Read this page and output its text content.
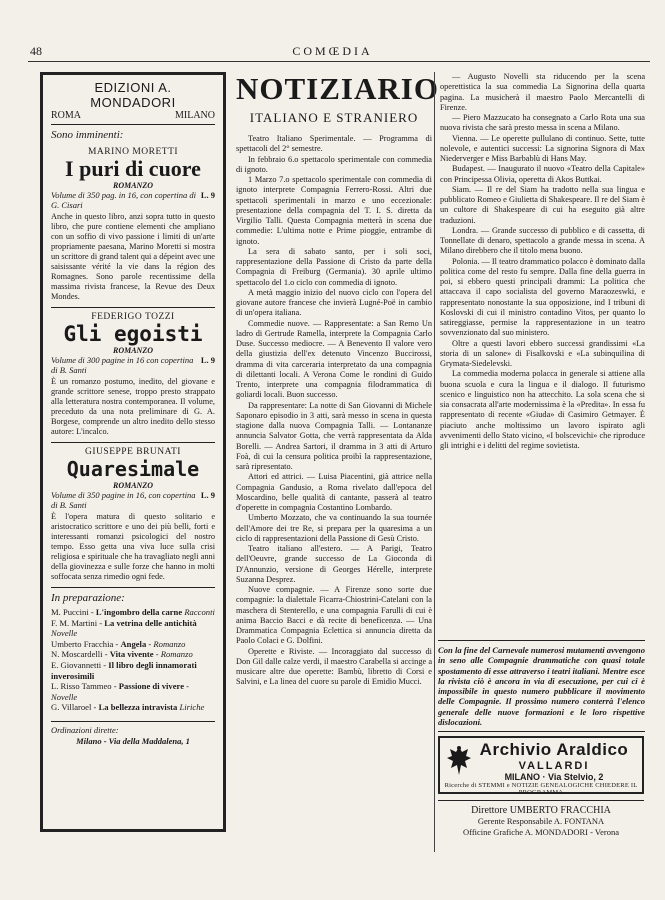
48	COMŒDIA
EDIZIONI A. MONDADORI
ROMA	MILANO
Sono imminenti:
MARINO MORETTI
I puri di cuore
ROMANZO
L. 9
Volume di 350 pag. in 16, con copertina di G. Cisari
Anche in questo libro, anzi sopra tutto in questo libro, che pure contiene elementi che ampliano con un soffio di vivo passione i limiti di un'arte propriamente paesana, Marino Moretti si mostra un scrittore di grand talent qui a dépeint avec une saisissante vérité la vie dans la région des Romagnes. Sono parole recentissime della massima rivista francese, la Revue des Deux Mondes.
FEDERIGO TOZZI
Gli egoisti
ROMANZO
L. 9
Volume di 300 pagine in 16 con copertina di B. Santi
È un romanzo postumo, inedito, del giovane e grande scrittore senese, troppo presto strappato alla letteratura nostra contemporanea. Il volume, preceduto da una nota preliminare di G. A. Borgese, comprende un altro inedito dello stesso autore: L'incalco.
GIUSEPPE BRUNATI
Quaresimale
ROMANZO
L. 9
Volume di 350 pagine in 16, con copertina di B. Santi
È l'opera matura di questo solitario e aristocratico scrittore e uno dei più belli, forti e interessanti romanzi psicologici del nostro tempo. Esso getta una viva luce sulla crisi religiosa e spirituale che ha travagliato negli anni della giovinezza e sulle forze che hanno in molti soffocata senza rimedio ogni fede.
In preparazione:
M. Puccini - L'ingombro della carne Racconti
F. M. Martini - La vetrina delle antichità Novelle
Umberto Fracchia - Angela - Romanzo
N. Moscardelli - Vita vivente - Romanzo
E. Giovannetti - Il libro degli innamorati inverosimili
L. Risso Tammeo - Passione di vivere - Novelle
G. Villaroel - La bellezza intravista Liriche
Ordinazioni dirette:
Milano - Via della Maddalena, 1
NOTIZIARIO
ITALIANO E STRANIERO

Teatro Italiano Sperimentale. — Programma di spettacoli del 2° semestre.

In febbraio 6.o spettacolo sperimentale con commedia di ignoto.

1 Marzo 7.o spettacolo sperimentale con commedia di ignoto interprete Compagnia Ferrero-Rossi. Altri due spettacoli sperimentali in marzo e uno eccezionale: presentazione della compagnia del T. I. S. diretta da Virgilio Talli. Questa Compagnia metterà in scena due commedie: L'ultima notte e Prime pioggie, entrambe di ignoto.

La sera di sabato santo, per i soli soci, rappresentazione della Passione di Cristo da parte della Compagnia di Freiburg (Germania). 30 aprile ultimo spettacolo del 1.o ciclo con commedia di ignoto.

A metà maggio inizio del nuovo ciclo con l'opera del giovane autore francese che invierà Lugné-Poë in cambio di un'opera italiana.

Commedie nuove. — Rappresentate: a San Remo Un ladro di Gertrude Ramella, interprete la Compagnia Carlo Duse. Successo mediocre. — A Benevento Il valore vero della giustizia dell'ex detenuto Vincenzo Buccirossi, dramma di vita carceraria interpretato da una compagnia di dilettanti locali. A Verona Come le rondini di Guido Trento, interprete una compagnia filodrammatica di goliardi locali. Buon successo.

Da rappresentare: La notte di San Giovanni di Michele Saponaro episodio in 3 atti, sarà messo in scena in questa stagione dalla nuova Compagnia Talli. — Lontananze annuncia Salvator Gotta, che verrà rappresentata da Alda Borelli. — Andrea Sartori, il dramma in 3 atti di Arturo Foà, di cui la censura politica proibì la rappresentazione, sarà ripresentato.

Attori ed attrici. — Luisa Piacentini, già attrice nella Compagnia Gandusio, a Roma rivelato dall'epoca del Moscardino, belle qualità di cantante, passerà al teatro d'operette in compagnia Costantino Lombardo.

Umberto Mozzato, che va continuando la sua tournée dell'Amore dei tre Re, si prepara per la quaresima a un ciclo di rappresentazioni della Passione di Gesù Cristo.

Teatro italiano all'estero. — A Parigi, Teatro dell'Oeuvre, grande successo de La Gioconda di D'Annunzio, versione di Georges Hérelle, interprete Suzanna Desprez.

Nuove compagnie. — A Firenze sono sorte due compagnie: la dialettale Ficarra-Chiostrini-Catelani con la maschera di Stenterello, e una compagnia Farulli di cui è anima Baccio Bacci e dà recite di beneficenza. — Una Drammatica Compagnia Eclettica si annuncia diretta da Paolo Colaci e G. Dolfini.

Operette e Riviste. — Incoraggiato dal successo di Don Gil dalle calze verdi, il maestro Carabella si accinge a musicare altre due operette: Bambù, libretto di Corsi e Salvini, e La linea del cuore su parole di Emidio Mucci.

— Augusto Novelli sta riducendo per la scena operettistica la sua commedia La Signorina della quarta pagina. La musicherà il maestro Paolo Mercantelli di Firenze.

— Piero Mazzucato ha consegnato a Carlo Rota una sua nuova rivista che sarà presto messa in scena a Milano.

Vienna. — Le operette pullulano di continuo. Sette, tutte nolevole, e autentici successi: La signorina Signora di Max Niederverger e Miss Barbablù di Hans May.

Budapest. — Inaugurato il nuovo «Teatro della Capitale» con Principessa Olivia, operetta di Akos Buttkai.

Siam. — Il re del Siam ha tradotto nella sua lingua e pubblicato Romeo e Giulietta di Shakespeare. Il re del Siam è un cultore di Shakespeare di cui ha eseguito già altre traduzioni.

Londra. — Grande successo di pubblico e di cassetta, di Tonnellate di denaro, spettacolo a grande messa in scena. A Milano direbbero che il titolo mena buono.

Polonia. — Il teatro drammatico polacco è dominato dalla politica come del resto fu sempre. Dalla fine della guerra in poi, si ebbero questi principali drammi: La politica che attaccava il capo socialista del governo Maraozeswki, e rappresentato nonostante la sua opposizione, ind I tribuni di Koslovski di cui il ministro contadino Vitos, per quanto lo satireggiasse, permise la rappresentazione in un teatro sovvenzionato dal suo ministero.

Oltre a questi lavori ebbero successi grandissimi «La storia di un salone» di Fisalkovski e «La subinquilina di Grymata-Siedelevski.

La commedia moderna polacca in generale si attiene alla buona scuola e cura la lingua e il dialogo. Il futurismo scenico e linguistico non ha attecchito. La sola scena che si sia consacrata all'arte modernissima è la «Predita». In essa fu rappresentato di recente «Giuda» di Casimiro Getmayer. È piaciuto anche moltissimo un lavoro ispirato agli avvenimenti dello Stato vicino, «I bolscevichi» che riproduce gli intrighi e i delitti del regime sovietista.

Con la fine del Carnevale numerosi mutamenti avvengono in seno alle Compagnie drammatiche con quasi totale spostamento di esse attraverso i teatri italiani. Mentre esce la rivista ciò è ancora in via di esecuzione, per cui ci è impossibile in questo numero pubblicare il movimento delle Compagnie. Il prossimo numero conterrà l'elenco generale delle nuove formazioni e le loro rispettive dislocazioni.
Archivio Araldico
VALLARDI
MILANO · Via Stelvio, 2
Ricerche di STEMMI e NOTIZIE GENEALOGICHE CHIEDERE IL PROGRAMMA
Direttore UMBERTO FRACCHIA
Gerente Responsabile A. FONTANA
Officine Grafiche A. MONDADORI - Verona
